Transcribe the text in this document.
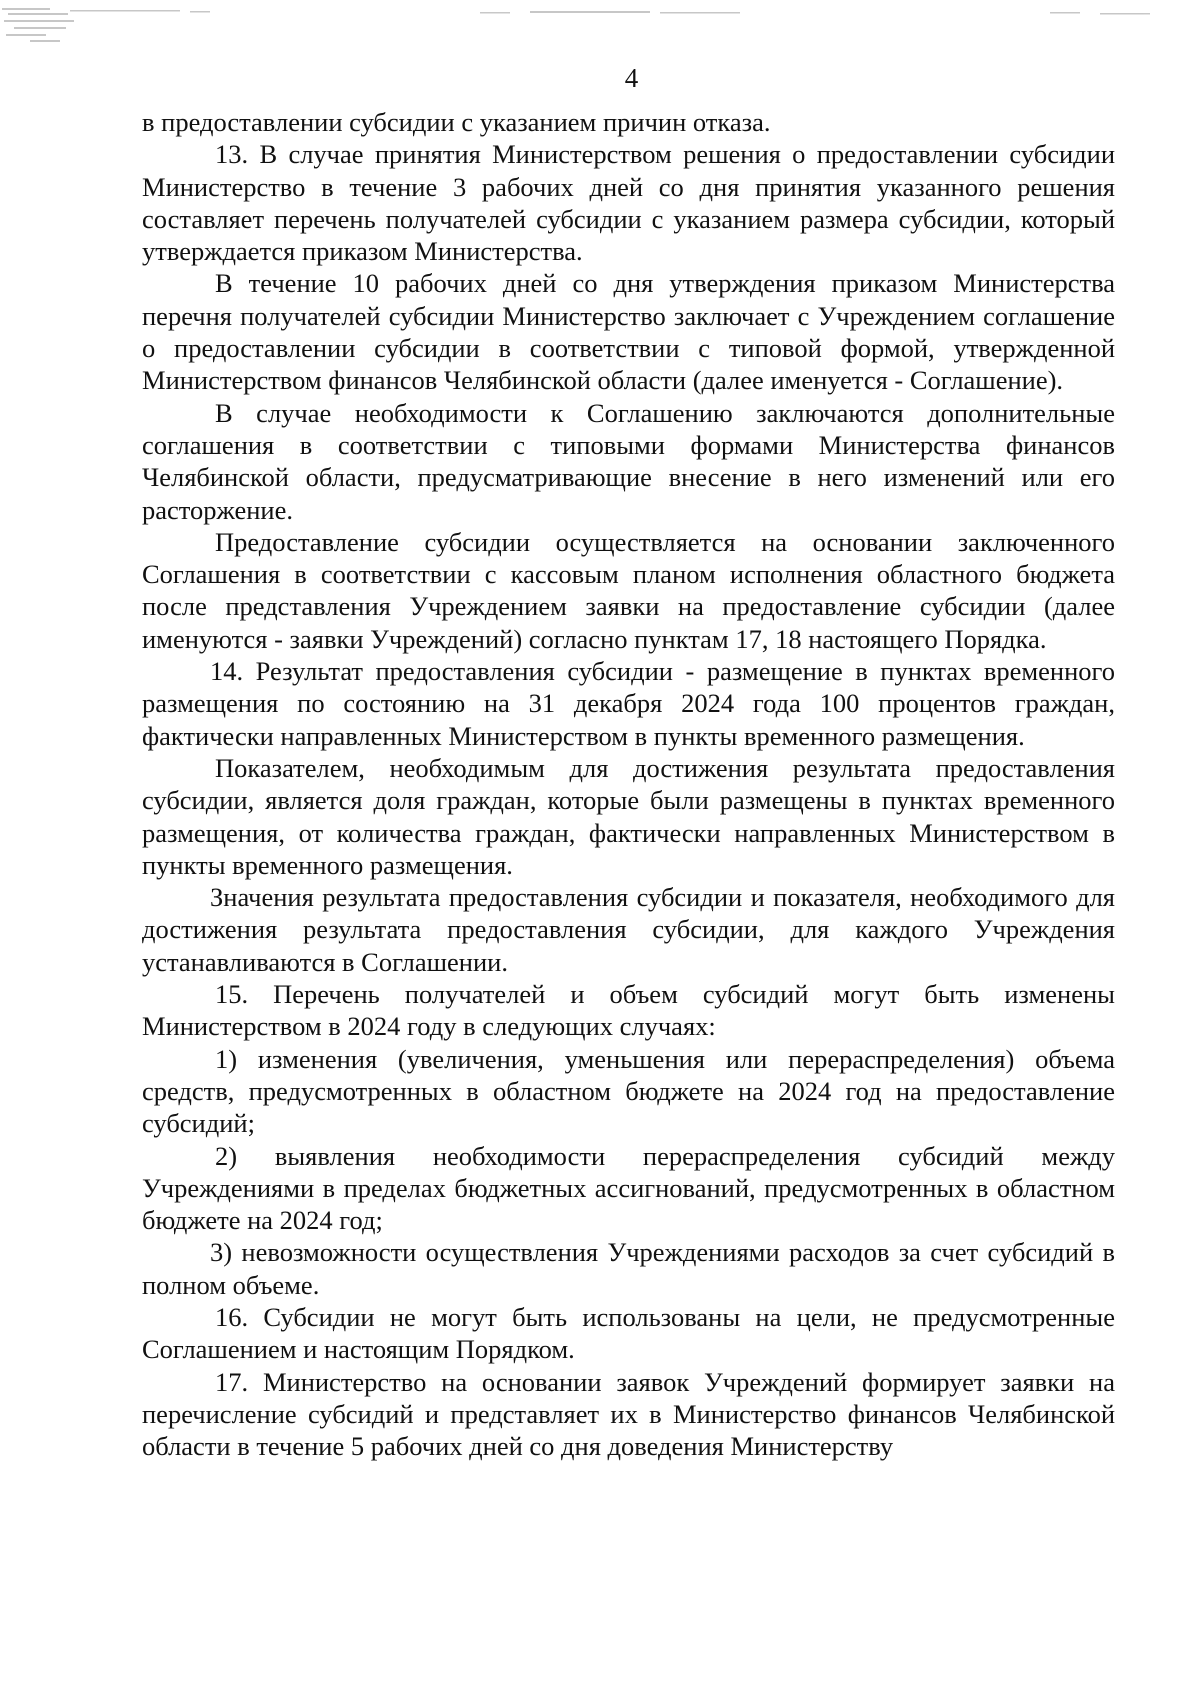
4

в предоставлении субсидии с указанием причин отказа.

13. В случае принятия Министерством решения о предоставлении субсидии Министерство в течение 3 рабочих дней со дня принятия указанного решения составляет перечень получателей субсидии с указанием размера субсидии, который утверждается приказом Министерства.

В течение 10 рабочих дней со дня утверждения приказом Министерства перечня получателей субсидии Министерство заключает с Учреждением соглашение о предоставлении субсидии в соответствии с типовой формой, утвержденной Министерством финансов Челябинской области (далее именуется - Соглашение).

В случае необходимости к Соглашению заключаются дополнительные соглашения в соответствии с типовыми формами Министерства финансов Челябинской области, предусматривающие внесение в него изменений или его расторжение.

Предоставление субсидии осуществляется на основании заключенного Соглашения в соответствии с кассовым планом исполнения областного бюджета после представления Учреждением заявки на предоставление субсидии (далее именуются - заявки Учреждений) согласно пунктам 17, 18 настоящего Порядка.

14. Результат предоставления субсидии - размещение в пунктах временного размещения по состоянию на 31 декабря 2024 года 100 процентов граждан, фактически направленных Министерством в пункты временного размещения.

Показателем, необходимым для достижения результата предоставления субсидии, является доля граждан, которые были размещены в пунктах временного размещения, от количества граждан, фактически направленных Министерством в пункты временного размещения.

Значения результата предоставления субсидии и показателя, необходимого для достижения результата предоставления субсидии, для каждого Учреждения устанавливаются в Соглашении.

15. Перечень получателей и объем субсидий могут быть изменены Министерством в 2024 году в следующих случаях:

1) изменения (увеличения, уменьшения или перераспределения) объема средств, предусмотренных в областном бюджете на 2024 год на предоставление субсидий;

2) выявления необходимости перераспределения субсидий между Учреждениями в пределах бюджетных ассигнований, предусмотренных в областном бюджете на 2024 год;

3) невозможности осуществления Учреждениями расходов за счет субсидий в полном объеме.

16. Субсидии не могут быть использованы на цели, не предусмотренные Соглашением и настоящим Порядком.

17. Министерство на основании заявок Учреждений формирует заявки на перечисление субсидий и представляет их в Министерство финансов Челябинской области в течение 5 рабочих дней со дня доведения Министерству
